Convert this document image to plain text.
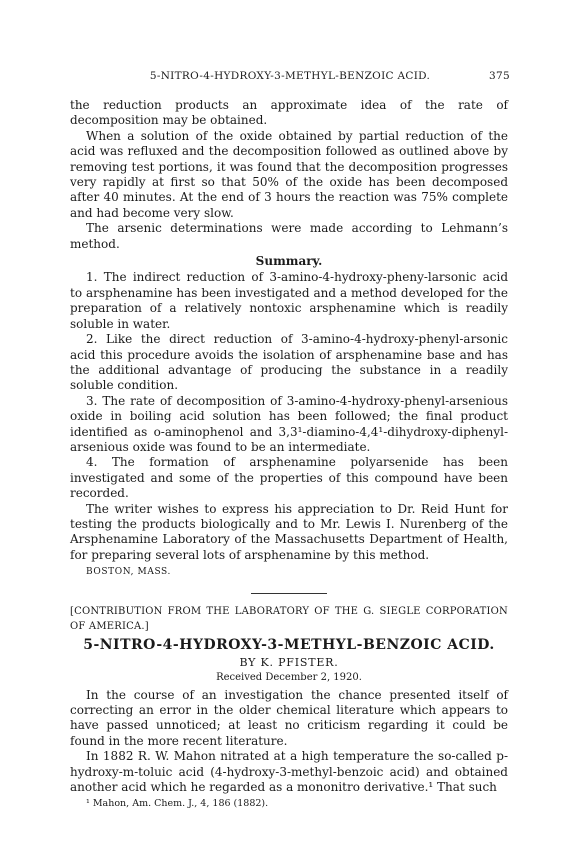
5-NITRO-4-HYDROXY-3-METHYL-BENZOIC ACID.	375

the reduction products an approximate idea of the rate of decomposition may be obtained.

When a solution of the oxide obtained by partial reduction of the acid was refluxed and the decomposition followed as outlined above by removing test portions, it was found that the decomposition progresses very rapidly at first so that 50% of the oxide has been decomposed after 40 minutes. At the end of 3 hours the reaction was 75% complete and had become very slow.

The arsenic determinations were made according to Lehmann’s method.

Summary.

1. The indirect reduction of 3-amino-4-hydroxy-pheny-larsonic acid to arsphenamine has been investigated and a method developed for the preparation of a relatively nontoxic arsphenamine which is readily soluble in water.

2. Like the direct reduction of 3-amino-4-hydroxy-phenyl-arsonic acid this procedure avoids the isolation of arsphenamine base and has the additional advantage of producing the substance in a readily soluble condition.

3. The rate of decomposition of 3-amino-4-hydroxy-phenyl-arsenious oxide in boiling acid solution has been followed; the final product identified as o-aminophenol and 3,3¹-diamino-4,4¹-dihydroxy-diphenyl-arsenious oxide was found to be an intermediate.

4. The formation of arsphenamine polyarsenide has been investigated and some of the properties of this compound have been recorded.

The writer wishes to express his appreciation to Dr. Reid Hunt for testing the products biologically and to Mr. Lewis I. Nurenberg of the Arsphenamine Laboratory of the Massachusetts Department of Health, for preparing several lots of arsphenamine by this method.

BOSTON, MASS.

[CONTRIBUTION FROM THE LABORATORY OF THE G. SIEGLE CORPORATION OF AMERICA.]

5-NITRO-4-HYDROXY-3-METHYL-BENZOIC ACID.

BY K. PFISTER.

Received December 2, 1920.

In the course of an investigation the chance presented itself of correcting an error in the older chemical literature which appears to have passed unnoticed; at least no criticism regarding it could be found in the more recent literature.

In 1882 R. W. Mahon nitrated at a high temperature the so-called p-hydroxy-m-toluic acid (4-hydroxy-3-methyl-benzoic acid) and obtained another acid which he regarded as a mononitro derivative.¹ That such

¹ Mahon, Am. Chem. J., 4, 186 (1882).
